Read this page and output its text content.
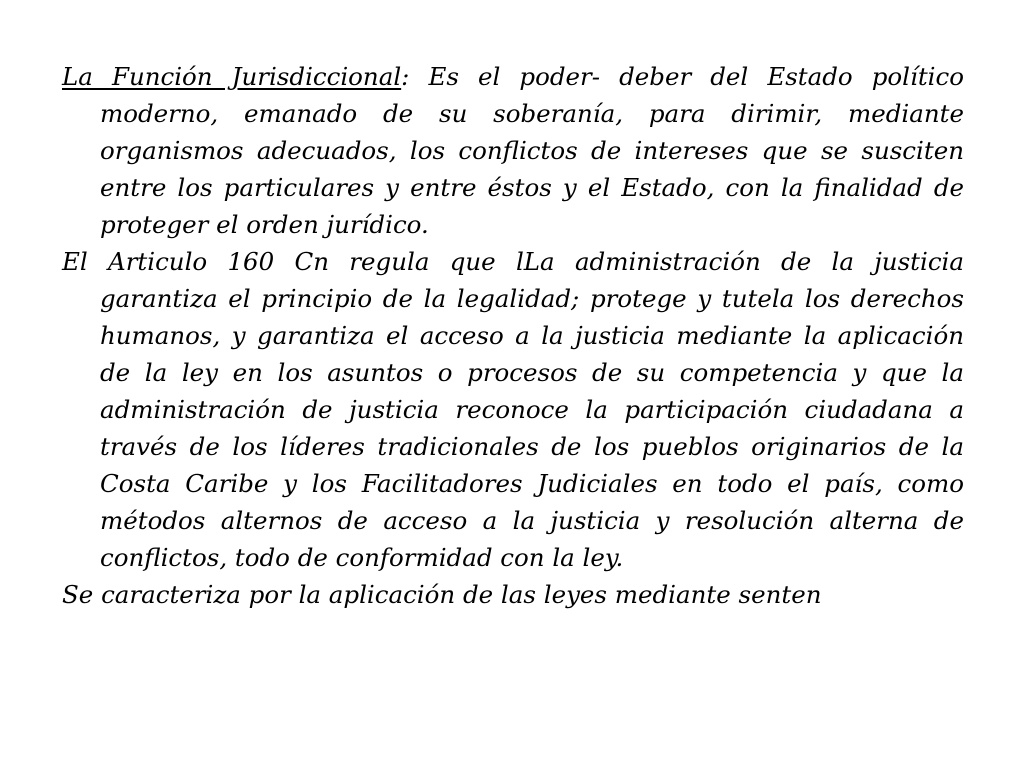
La Función Jurisdiccional: Es el poder- deber del Estado político moderno, emanado de su soberanía, para dirimir, mediante organismos adecuados, los conflictos de intereses que se susciten entre los particulares y entre éstos y el Estado, con la finalidad de proteger el orden jurídico.

El Articulo 160 Cn regula que lLa administración de la justicia garantiza el principio de la legalidad; protege y tutela los derechos humanos, y garantiza el acceso a la justicia mediante la aplicación de la ley en los asuntos o procesos de su competencia y que la administración de justicia reconoce la participación ciudadana a través de los líderes tradicionales de los pueblos originarios de la Costa Caribe y los Facilitadores Judiciales en todo el país, como métodos alternos de acceso a la justicia y resolución alterna de conflictos, todo de conformidad con la ley.

Se caracteriza por la aplicación de las leyes mediante senten
